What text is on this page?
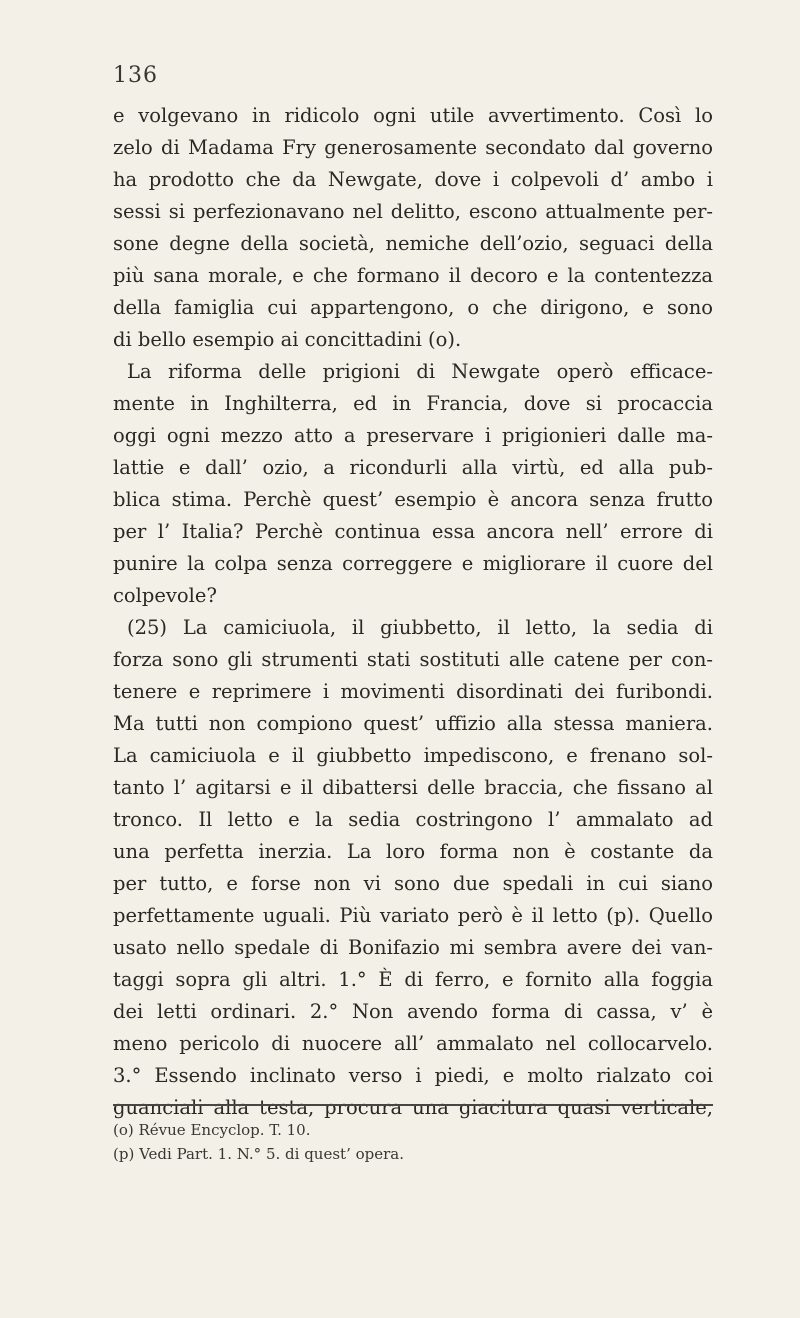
136
e volgevano in ridicolo ogni utile avvertimento. Così lo
zelo di Madama Fry generosamente secondato dal governo
ha prodotto che da Newgate, dove i colpevoli d’ ambo i
sessi si perfezionavano nel delitto, escono attualmente per-
sone degne della società, nemiche dell’ozio, seguaci della
più sana morale, e che formano il decoro e la contentezza
della famiglia cui appartengono, o che dirigono, e sono
di bello esempio ai concittadini (o).
La riforma delle prigioni di Newgate operò efficace-
mente in Inghilterra, ed in Francia, dove si procaccia
oggi ogni mezzo atto a preservare i prigionieri dalle ma-
lattie e dall’ ozio, a ricondurli alla virtù, ed alla pub-
blica stima. Perchè quest’ esempio è ancora senza frutto
per l’ Italia? Perchè continua essa ancora nell’ errore di
punire la colpa senza correggere e migliorare il cuore del
colpevole?
(25) La camiciuola, il giubbetto, il letto, la sedia di
forza sono gli strumenti stati sostituti alle catene per con-
tenere e reprimere i movimenti disordinati dei furibondi.
Ma tutti non compiono quest’ uffizio alla stessa maniera.
La camiciuola e il giubbetto impediscono, e frenano sol-
tanto l’ agitarsi e il dibattersi delle braccia, che fissano al
tronco. Il letto e la sedia costringono l’ ammalato ad
una perfetta inerzia. La loro forma non è costante da
per tutto, e forse non vi sono due spedali in cui siano
perfettamente uguali. Più variato però è il letto (p). Quello
usato nello spedale di Bonifazio mi sembra avere dei van-
taggi sopra gli altri. 1.° È di ferro, e fornito alla foggia
dei letti ordinari. 2.° Non avendo forma di cassa, v’ è
meno pericolo di nuocere all’ ammalato nel collocarvelo.
3.° Essendo inclinato verso i piedi, e molto rialzato coi
guanciali alla testa, procura una giacitura quasi verticale,
(o) Révue Encyclop. T. 10.
(p) Vedi Part. 1. N.° 5. di quest’ opera.
